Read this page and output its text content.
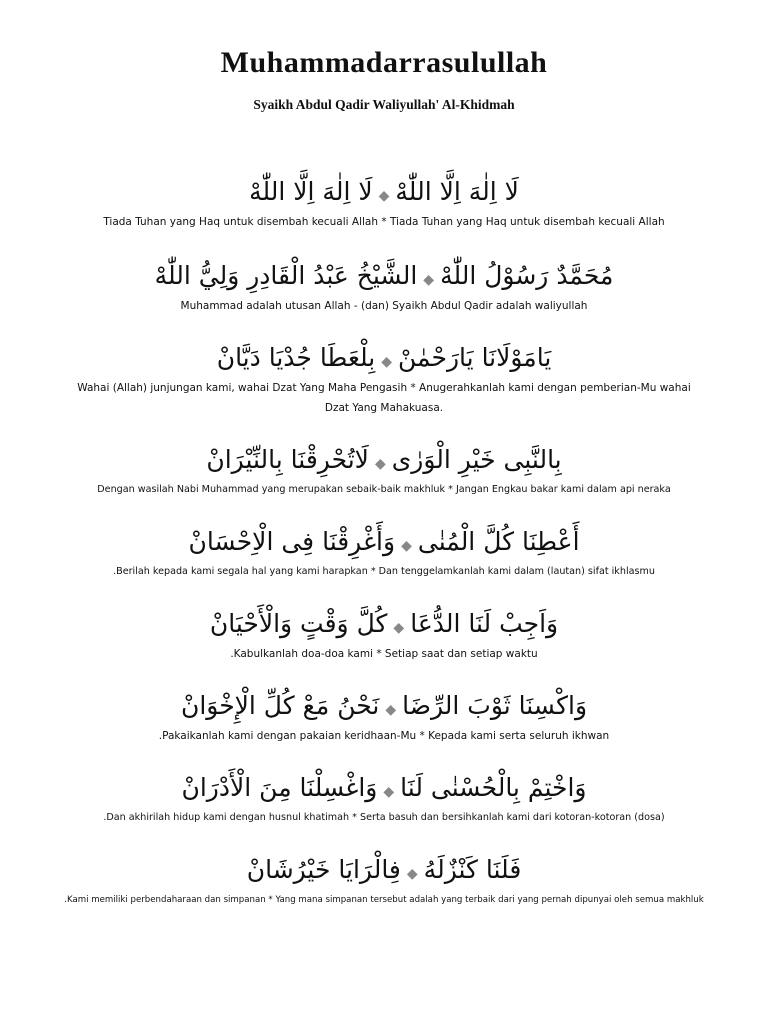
Muhammadarrasulullah
Syaikh Abdul Qadir Waliyullah' Al-Khidmah
لَا اِلٰهَ اِلَّا اللّٰهْ◆لَا اِلٰهَ اِلَّا اللّٰهْ
Tiada Tuhan yang Haq untuk disembah kecuali Allah * Tiada Tuhan yang Haq untuk disembah kecuali Allah
مُحَمَّدٌ رَسُوْلُ اللّٰهْ◆الشَّيْخُ عَبْدُ الْقَادِرِ وَلِيُّ اللّٰهْ
Muhammad adalah utusan Allah - (dan) Syaikh Abdul Qadir adalah waliyullah
يَامَوْلَانَا يَارَحْمٰنْ◆بِلْعَطَا جُدْيَا دَيَّانْ
Wahai (Allah) junjungan kami, wahai Dzat Yang Maha Pengasih * Anugerahkanlah kami dengan pemberian-Mu wahai Dzat Yang Mahakuasa.
بِالنَّبِى خَيْرِ الْوَرٰى◆لَاتُحْرِقْنَا بِالنِّيْرَانْ
Dengan wasilah Nabi Muhammad yang merupakan sebaik-baik makhluk * Jangan Engkau bakar kami dalam api neraka
أَعْطِنَا كُلَّ الْمُنٰى◆وَأَغْرِقْنَا فِى الْاِحْسَانْ
.Berilah kepada kami segala hal yang kami harapkan * Dan tenggelamkanlah kami dalam (lautan) sifat ikhlasmu
وَاَجِبْ لَنَا الدُّعَا◆كُلَّ وَقْتٍ وَالْأَحْيَانْ
.Kabulkanlah doa-doa kami * Setiap saat dan setiap waktu
وَاكْسِنَا ثَوْبَ الرِّضَا◆نَحْنُ مَعْ كُلِّ الْإِخْوَانْ
.Pakaikanlah kami dengan pakaian keridhaan-Mu * Kepada kami serta seluruh ikhwan
وَاخْتِمْ بِالْحُسْنٰى لَنَا◆وَاغْسِلْنَا مِنَ الْأَدْرَانْ
.Dan akhirilah hidup kami dengan husnul khatimah * Serta basuh dan bersihkanlah kami dari kotoran-kotoran (dosa)
فَلَنَا كَنْزٌلَهُ◆فِالْرَايَا خَيْرُشَانْ
.Kami memiliki perbendaharaan dan simpanan * Yang mana simpanan tersebut adalah yang terbaik dari yang pernah dipunyai oleh semua makhluk
